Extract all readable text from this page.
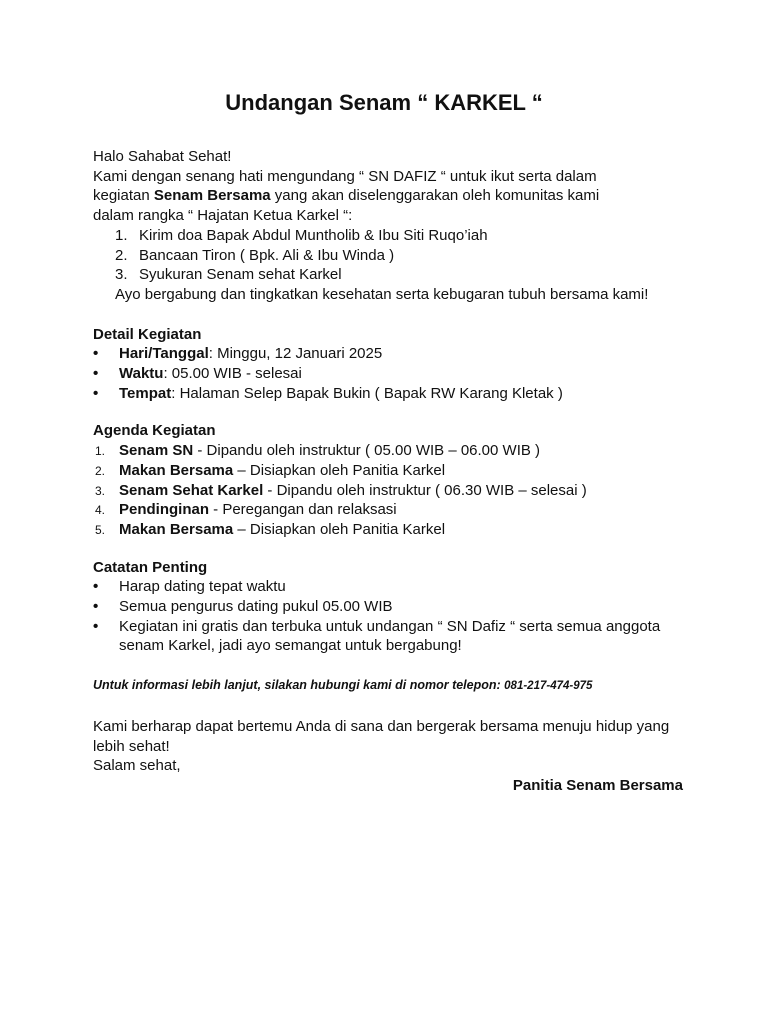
Undangan Senam “ KARKEL “

Halo Sahabat Sehat!

Kami dengan senang hati mengundang “ SN DAFIZ “ untuk ikut serta dalam

kegiatan Senam Bersama yang akan diselenggarakan oleh komunitas kami

dalam rangka “ Hajatan Ketua Karkel “:

1. Kirim doa Bapak Abdul Muntholib & Ibu Siti Ruqo’iah
2. Bancaan Tiron ( Bpk. Ali & Ibu Winda )
3. Syukuran Senam sehat Karkel

Ayo bergabung dan tingkatkan kesehatan serta kebugaran tubuh bersama kami!

Detail Kegiatan

• Hari/Tanggal: Minggu, 12 Januari 2025
• Waktu: 05.00 WIB - selesai
• Tempat: Halaman Selep Bapak Bukin ( Bapak RW Karang Kletak )

Agenda Kegiatan

1. Senam SN - Dipandu oleh instruktur ( 05.00 WIB – 06.00 WIB )
2. Makan Bersama – Disiapkan oleh Panitia Karkel
3. Senam Sehat Karkel - Dipandu oleh instruktur ( 06.30 WIB – selesai )
4. Pendinginan - Peregangan dan relaksasi
5. Makan Bersama – Disiapkan oleh Panitia Karkel

Catatan Penting

• Harap dating tepat waktu
• Semua pengurus dating pukul 05.00 WIB
• Kegiatan ini gratis dan terbuka untuk undangan “ SN Dafiz “ serta semua anggota senam Karkel, jadi ayo semangat untuk bergabung!

Untuk informasi lebih lanjut, silakan hubungi kami di nomor telepon: 081-217-474-975

Kami berharap dapat bertemu Anda di sana dan bergerak bersama menuju hidup yang lebih sehat!

Salam sehat,

Panitia Senam Bersama
